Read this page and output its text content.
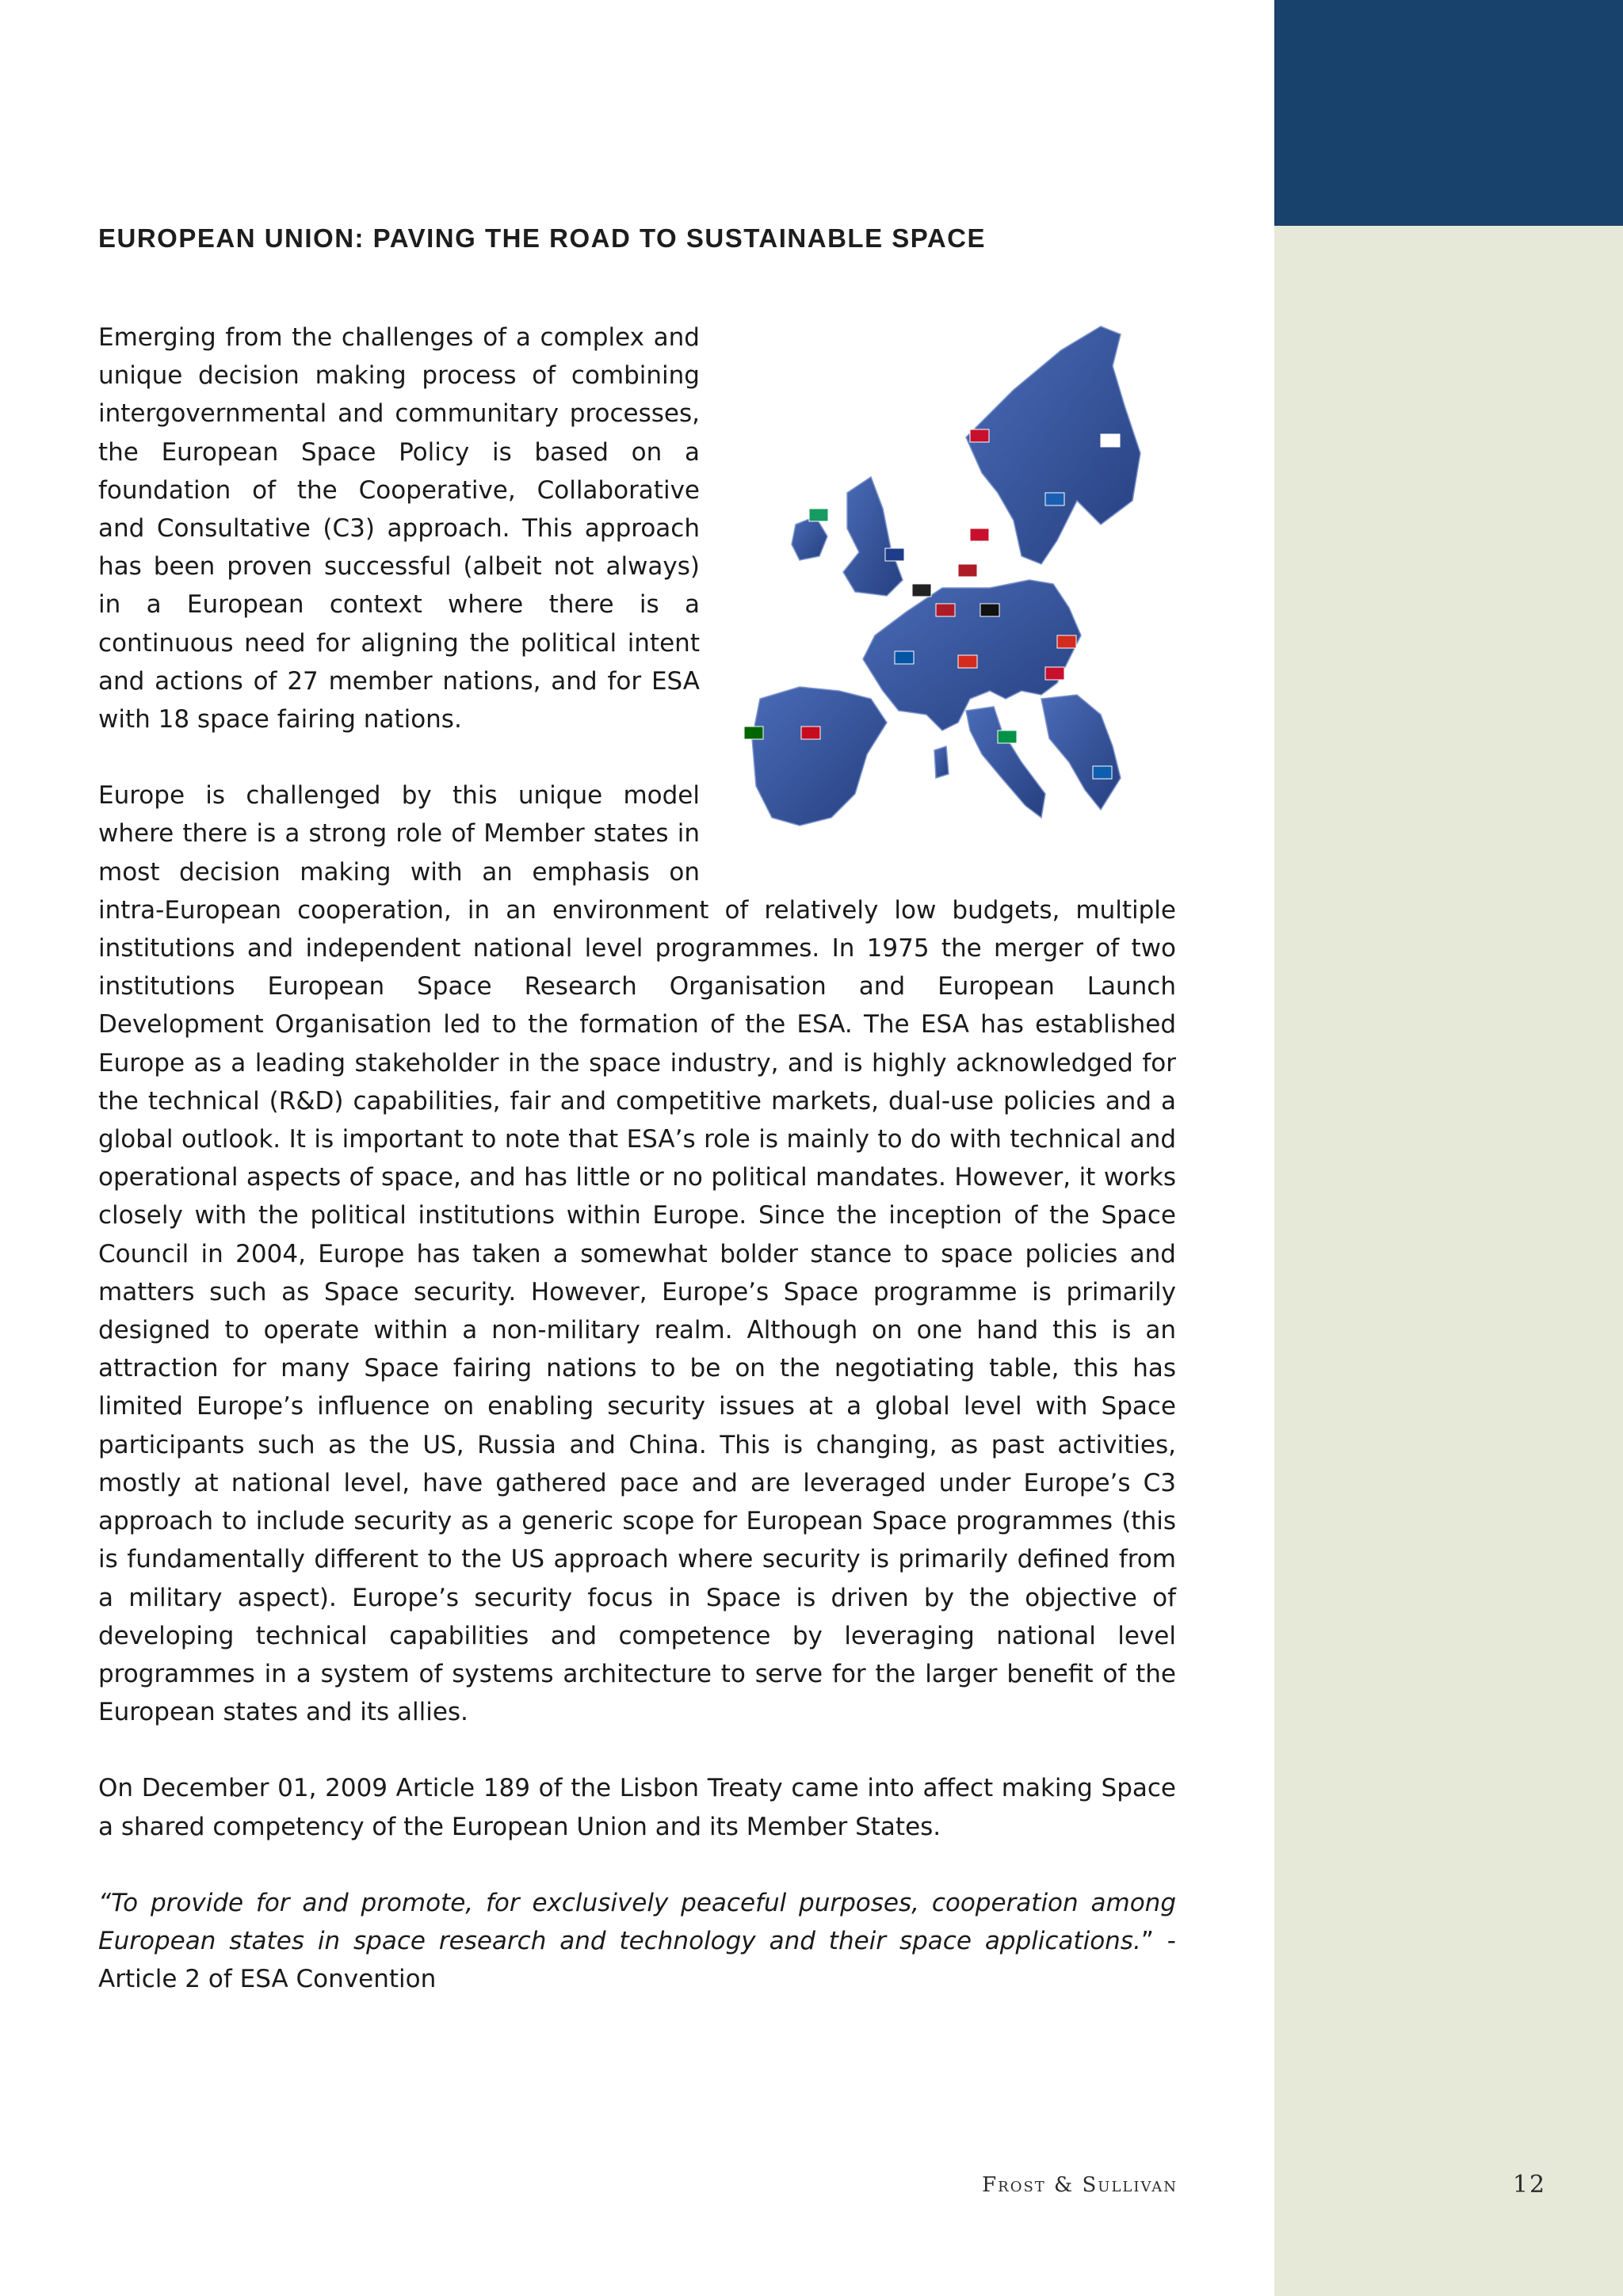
EUROPEAN UNION: PAVING THE ROAD TO SUSTAINABLE SPACE

Emerging from the challenges of a complex and unique decision making process of combining intergovernmental and communitary processes, the European Space Policy is based on a foundation of the Cooperative, Collaborative and Consultative (C3) approach. This approach has been proven successful (albeit not always) in a European context where there is a continuous need for aligning the political intent and actions of 27 member nations, and for ESA with 18 space fairing nations.

Europe is challenged by this unique model where there is a strong role of Member states in most decision making with an emphasis on intra-European cooperation, in an environment of relatively low budgets, multiple institutions and independent national level programmes. In 1975 the merger of two institutions European Space Research Organisation and European Launch Development Organisation led to the formation of the ESA. The ESA has established Europe as a leading stakeholder in the space industry, and is highly acknowledged for the technical (R&D) capabilities, fair and competitive markets, dual-use policies and a global outlook. It is important to note that ESA’s role is mainly to do with technical and operational aspects of space, and has little or no political mandates. However, it works closely with the political institutions within Europe. Since the inception of the Space Council in 2004, Europe has taken a somewhat bolder stance to space policies and matters such as Space security. However, Europe’s Space programme is primarily designed to operate within a non-military realm. Although on one hand this is an attraction for many Space fairing nations to be on the negotiating table, this has limited Europe’s influence on enabling security issues at a global level with Space participants such as the US, Russia and China. This is changing, as past activities, mostly at national level, have gathered pace and are leveraged under Europe’s C3 approach to include security as a generic scope for European Space programmes (this is fundamentally different to the US approach where security is primarily defined from a military aspect). Europe’s security focus in Space is driven by the objective of developing technical capabilities and competence by leveraging national level programmes in a system of systems architecture to serve for the larger benefit of the European states and its allies.

On December 01, 2009 Article 189 of the Lisbon Treaty came into affect making Space a shared competency of the European Union and its Member States.

“To provide for and promote, for exclusively peaceful purposes, cooperation among European states in space research and technology and their space applications.” - Article 2 of ESA Convention

Frost & Sullivan	12
